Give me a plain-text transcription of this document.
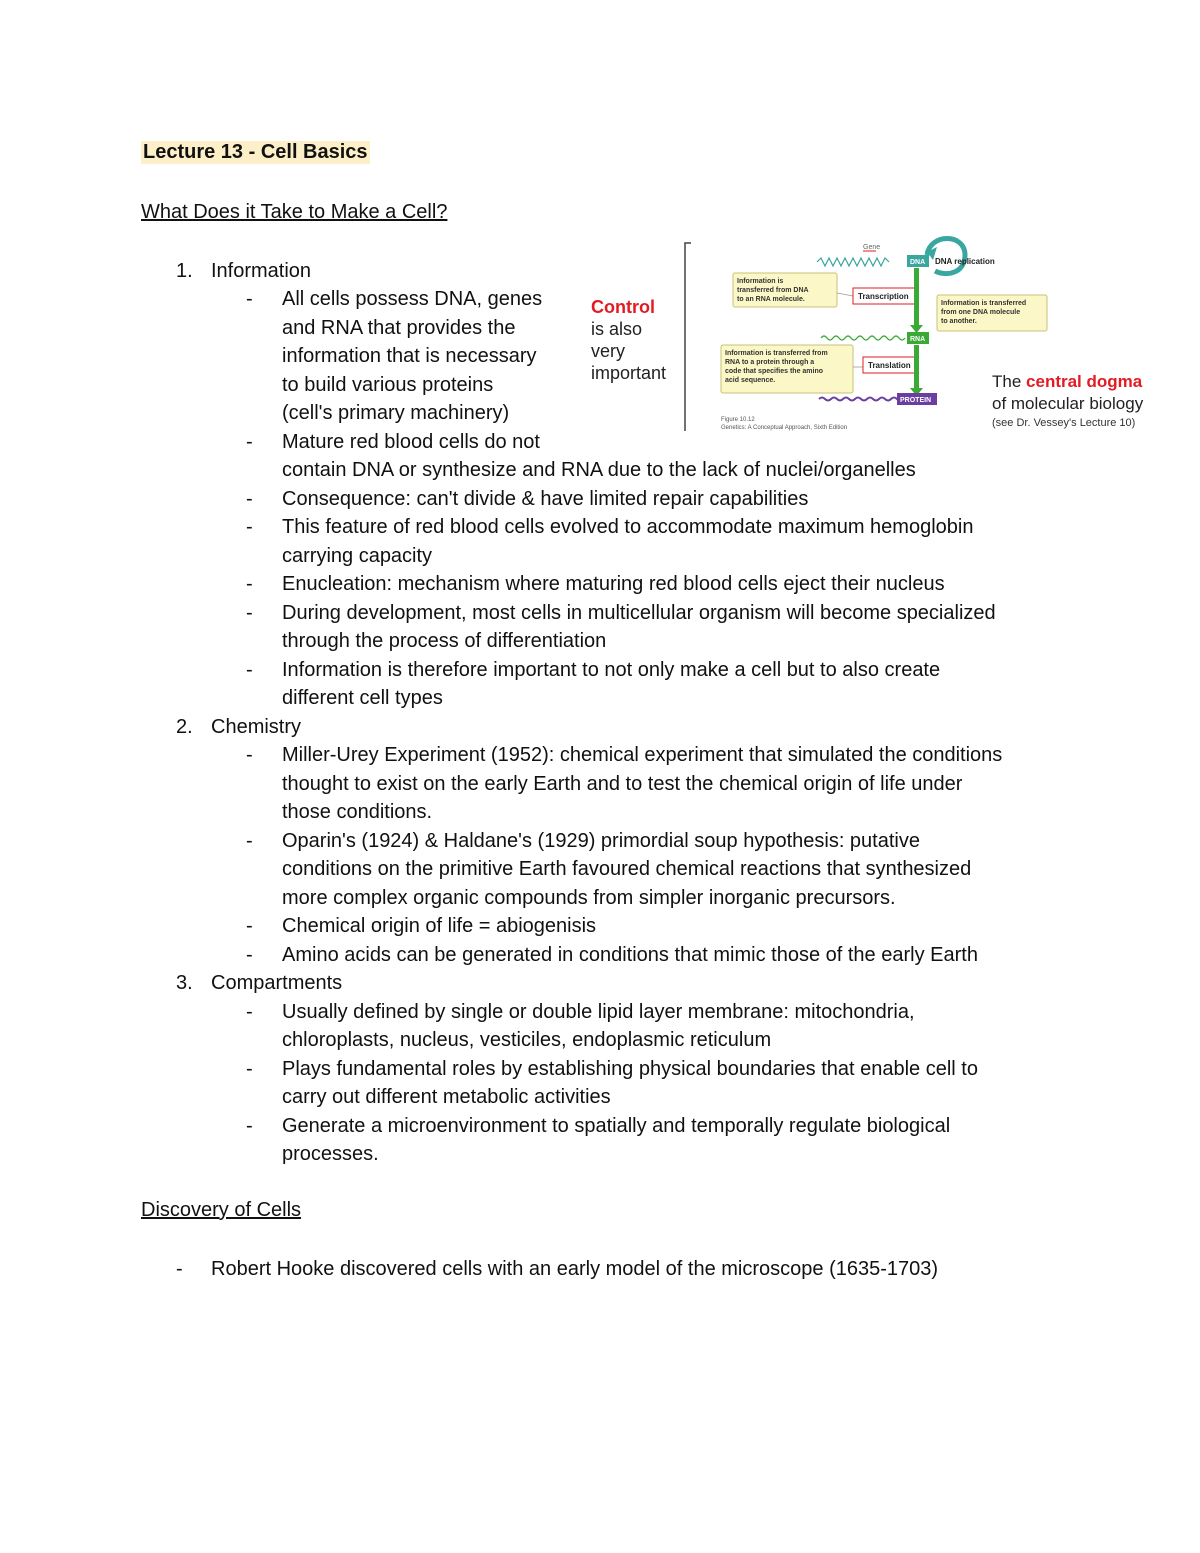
Lecture 13 - Cell Basics
What Does it Take to Make a Cell?
1. Information
- All cells possess DNA, genes
and RNA that provides the
information that is necessary
to build various proteins
(cell's primary machinery)
- Mature red blood cells do not
contain DNA or synthesize and RNA due to the lack of nuclei/organelles
- Consequence: can't divide & have limited repair capabilities
- This feature of red blood cells evolved to accommodate maximum hemoglobin
carrying capacity
- Enucleation: mechanism where maturing red blood cells eject their nucleus
- During development, most cells in multicellular organism will become specialized
through the process of differentiation
- Information is therefore important to not only make a cell but to also create
different cell types
2. Chemistry
- Miller-Urey Experiment (1952): chemical experiment that simulated the conditions
thought to exist on the early Earth and to test the chemical origin of life under
those conditions.
- Oparin's (1924) & Haldane's (1929) primordial soup hypothesis: putative
conditions on the primitive Earth favoured chemical reactions that synthesized
more complex organic compounds from simpler inorganic precursors.
- Chemical origin of life = abiogenisis
- Amino acids can be generated in conditions that mimic those of the early Earth
3. Compartments
- Usually defined by single or double lipid layer membrane: mitochondria,
chloroplasts, nucleus, vesticiles, endoplasmic reticulum
- Plays fundamental roles by establishing physical boundaries that enable cell to
carry out different metabolic activities
- Generate a microenvironment to spatially and temporally regulate biological
processes.
Discovery of Cells
- Robert Hooke discovered cells with an early model of the microscope (1635-1703)
Control
is also
very
important
Gene
DNA DNA replication
Information is
transferred from DNA
to an RNA molecule.	Transcription
Information is transferred
from one DNA molecule
to another.
RNA
Information is transferred from
RNA to a protein through a
code that specifies the amino
acid sequence.
Translation
PROTEIN
Figure 10.12
Genetics: A Conceptual Approach, Sixth Edition
The central dogma
of molecular biology
(see Dr. Vessey's Lecture 10)
